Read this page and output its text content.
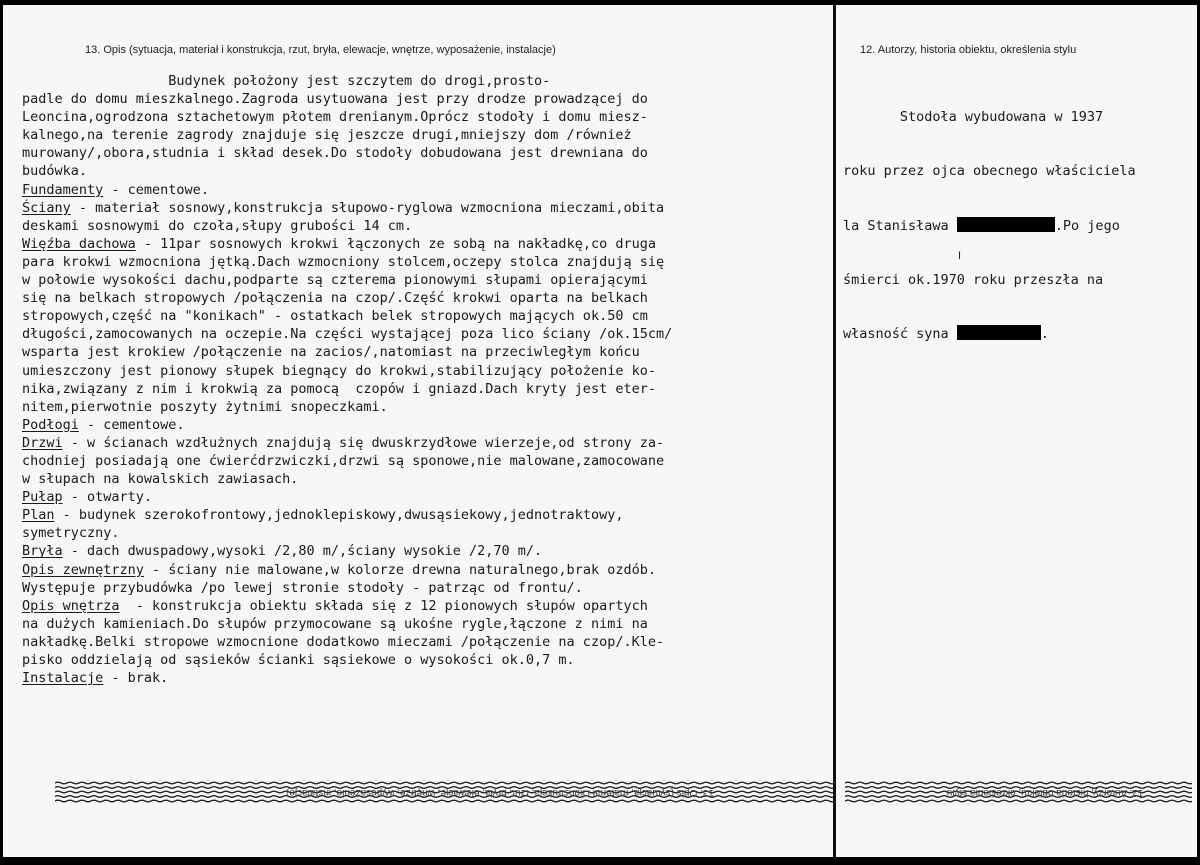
13. Opis (sytuacja, materiał i konstrukcja, rzut, bryła, elewacje, wnętrze, wyposażenie, instalacje)	12. Autorzy, historia obiektu, określenia stylu
Budynek położony jest szczytem do drogi,prosto-
padle do domu mieszkalnego.Zagroda usytuowana jest przy drodze prowadzącej do
Leoncina,ogrodzona sztachetowym płotem drenianym.Oprócz stodoły i domu miesz-
kalnego,na terenie zagrody znajduje się jeszcze drugi,mniejszy dom /również
murowany/,obora,studnia i skład desek.Do stodoły dobudowana jest drewniana do
budówka.
Fundamenty - cementowe.
Ściany - materiał sosnowy,konstrukcja słupowo-ryglowa wzmocniona mieczami,obita
deskami sosnowymi do czoła,słupy grubości 14 cm.
Więźba dachowa - 11par sosnowych krokwi łączonych ze sobą na nakładkę,co druga
para krokwi wzmocniona jętką.Dach wzmocniony stolcem,oczepy stolca znajdują się
w połowie wysokości dachu,podparte są czterema pionowymi słupami opierającymi
się na belkach stropowych /połączenia na czop/.Część krokwi oparta na belkach
stropowych,część na "konikach" - ostatkach belek stropowych mających ok.50 cm
długości,zamocowanych na oczepie.Na części wystającej poza lico ściany /ok.15cm/
wsparta jest krokiew /połączenie na zacios/,natomiast na przeciwległym końcu
umieszczony jest pionowy słupek biegnący do krokwi,stabilizujący położenie ko-
nika,związany z nim i krokwią za pomocą  czopów i gniazd.Dach kryty jest eter-
nitem,pierwotnie poszyty żytnimi snopeczkami.
Podłogi - cementowe.
Drzwi - w ścianach wzdłużnych znajdują się dwuskrzydłowe wierzeje,od strony za-
chodniej posiadają one ćwierćdrzwiczki,drzwi są sponowe,nie malowane,zamocowane
w słupach na kowalskich zawiasach.
Pułap - otwarty.
Plan - budynek szerokofrontowy,jednoklepiskowy,dwusąsiekowy,jednotraktowy,
symetryczny.
Bryła - dach dwuspadowy,wysoki /2,80 m/,ściany wysokie /2,70 m/.
Opis zewnętrzny - ściany nie malowane,w kolorze drewna naturalnego,brak ozdób.
Występuje przybudówka /po lewej stronie stodoły - patrząc od frontu/.
Opis wnętrza  - konstrukcja obiektu składa się z 12 pionowych słupów opartych
na dużych kamieniach.Do słupów przymocowane są ukośne rygle,łączone z nimi na
nakładkę.Belki stropowe wzmocnione dodatkowo mieczami /połączenie na czop/.Kle-
pisko oddzielają od sąsieków ścianki sąsiekowe o wysokości ok.0,7 m.
Instalacje - brak.

Stodoła wybudowana w 1937

roku przez ojca obecnego właściciela

la Stanisława	.Po jego

śmierci ok.1970 roku przeszła na

własność syna	.

I
13. Opis (sytuacja, materiał i konstrukcja, rzut, bryła, elewacje, wnętrze, wyposażenie, instalacje)	12. Autorzy, historia obiektu, określenia stylu
